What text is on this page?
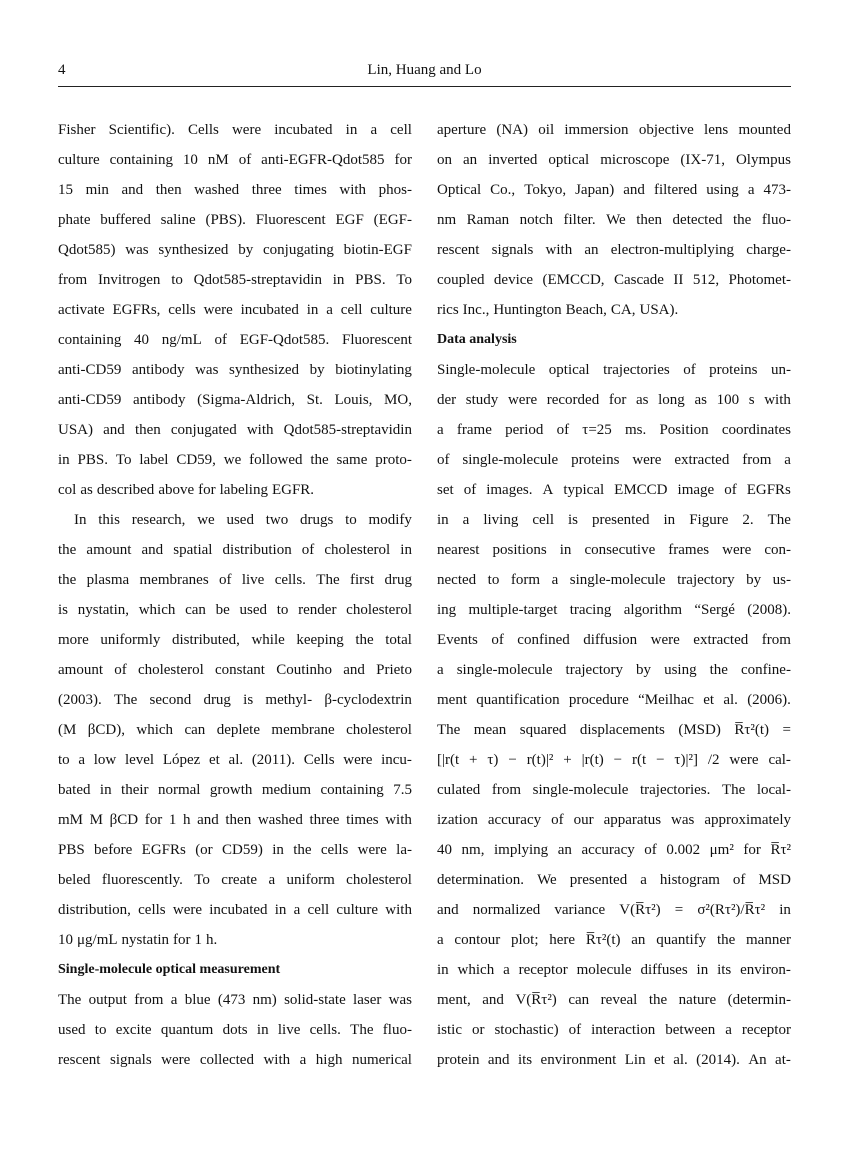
4	Lin, Huang and Lo
Fisher Scientific). Cells were incubated in a cell
culture containing 10 nM of anti-EGFR-Qdot585 for
15 min and then washed three times with phos-
phate buffered saline (PBS). Fluorescent EGF (EGF-
Qdot585) was synthesized by conjugating biotin-EGF
from Invitrogen to Qdot585-streptavidin in PBS. To
activate EGFRs, cells were incubated in a cell culture
containing 40 ng/mL of EGF-Qdot585. Fluorescent
anti-CD59 antibody was synthesized by biotinylating
anti-CD59 antibody (Sigma-Aldrich, St. Louis, MO,
USA) and then conjugated with Qdot585-streptavidin
in PBS. To label CD59, we followed the same proto-
col as described above for labeling EGFR.
In this research, we used two drugs to modify
the amount and spatial distribution of cholesterol in
the plasma membranes of live cells. The first drug
is nystatin, which can be used to render cholesterol
more uniformly distributed, while keeping the total
amount of cholesterol constant Coutinho and Prieto
(2003). The second drug is methyl- β-cyclodextrin
(M βCD), which can deplete membrane cholesterol
to a low level López et al. (2011). Cells were incu-
bated in their normal growth medium containing 7.5
mM M βCD for 1 h and then washed three times with
PBS before EGFRs (or CD59) in the cells were la-
beled fluorescently. To create a uniform cholesterol
distribution, cells were incubated in a cell culture with
10 μg/mL nystatin for 1 h.
Single-molecule optical measurement
The output from a blue (473 nm) solid-state laser was
used to excite quantum dots in live cells. The fluo-
rescent signals were collected with a high numerical
aperture (NA) oil immersion objective lens mounted
on an inverted optical microscope (IX-71, Olympus
Optical Co., Tokyo, Japan) and filtered using a 473-
nm Raman notch filter. We then detected the fluo-
rescent signals with an electron-multiplying charge-
coupled device (EMCCD, Cascade II 512, Photomet-
rics Inc., Huntington Beach, CA, USA).
Data analysis
Single-molecule optical trajectories of proteins un-
der study were recorded for as long as 100 s with
a frame period of τ=25 ms. Position coordinates
of single-molecule proteins were extracted from a
set of images. A typical EMCCD image of EGFRs
in a living cell is presented in Figure 2. The
nearest positions in consecutive frames were con-
nected to form a single-molecule trajectory by us-
ing multiple-target tracing algorithm “Sergé (2008).
Events of confined diffusion were extracted from
a single-molecule trajectory by using the confine-
ment quantification procedure “Meilhac et al. (2006).
The mean squared displacements (MSD) R̅τ²(t) =
[|r(t + τ) − r(t)|² + |r(t) − r(t − τ)|²] /2 were cal-
culated from single-molecule trajectories. The local-
ization accuracy of our apparatus was approximately
40 nm, implying an accuracy of 0.002 μm² for R̅τ²
determination. We presented a histogram of MSD
and normalized variance V(R̅τ²) = σ²(Rτ²)/R̅τ² in
a contour plot; here R̅τ²(t) an quantify the manner
in which a receptor molecule diffuses in its environ-
ment, and V(R̅τ²) can reveal the nature (determin-
istic or stochastic) of interaction between a receptor
protein and its environment Lin et al. (2014). An at-
